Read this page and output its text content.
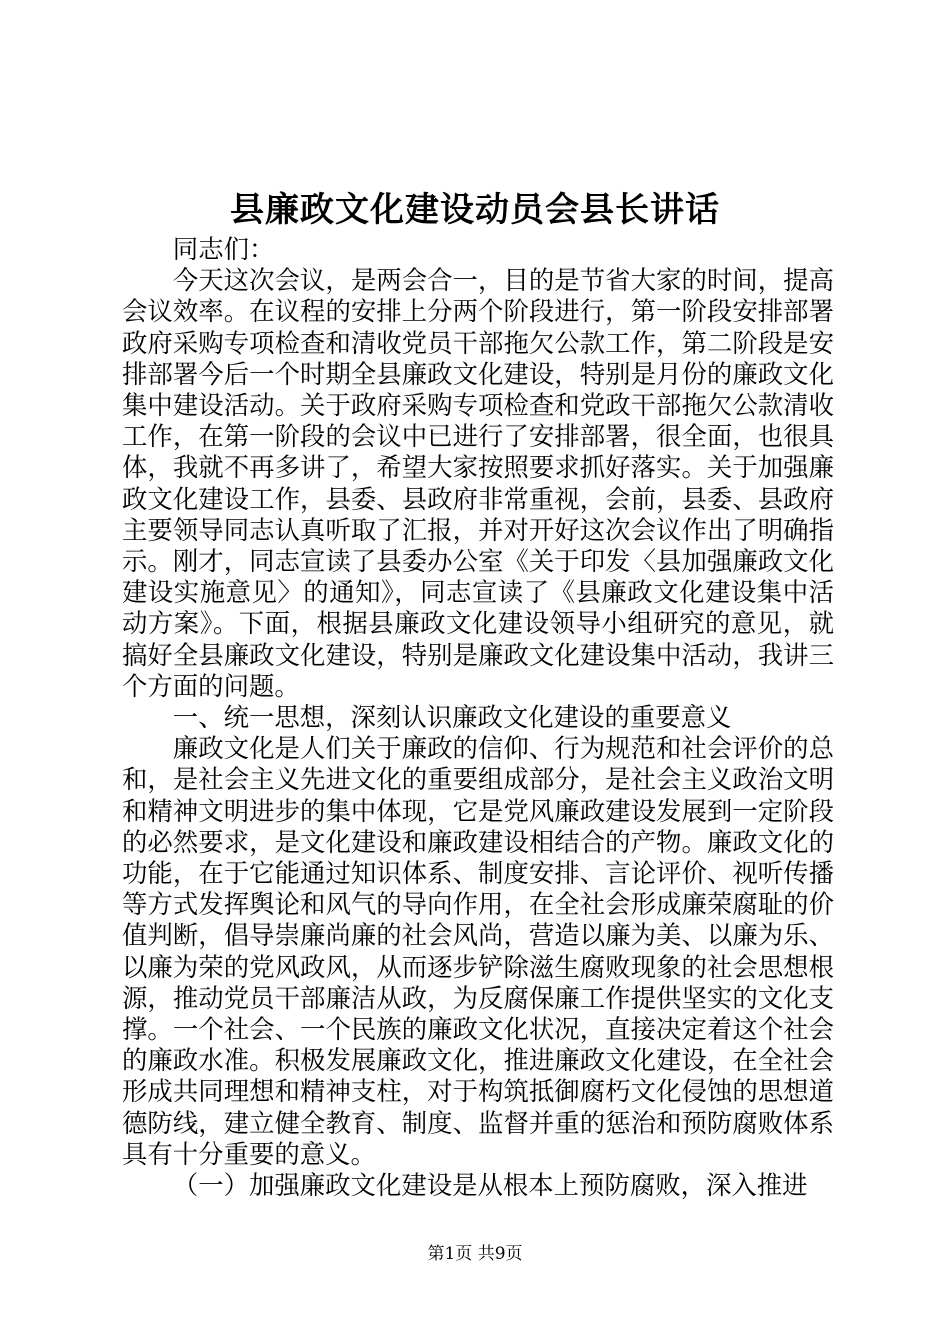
县廉政文化建设动员会县长讲话

同志们：

今天这次会议，是两会合一，目的是节省大家的时间，提高会议效率。在议程的安排上分两个阶段进行，第一阶段安排部署政府采购专项检查和清收党员干部拖欠公款工作，第二阶段是安排部署今后一个时期全县廉政文化建设，特别是月份的廉政文化集中建设活动。关于政府采购专项检查和党政干部拖欠公款清收工作，在第一阶段的会议中已进行了安排部署，很全面，也很具体，我就不再多讲了，希望大家按照要求抓好落实。关于加强廉政文化建设工作，县委、县政府非常重视，会前，县委、县政府主要领导同志认真听取了汇报，并对开好这次会议作出了明确指示。刚才，同志宣读了县委办公室《关于印发〈县加强廉政文化建设实施意见〉的通知》，同志宣读了《县廉政文化建设集中活动方案》。下面，根据县廉政文化建设领导小组研究的意见，就搞好全县廉政文化建设，特别是廉政文化建设集中活动，我讲三个方面的问题。

一、统一思想，深刻认识廉政文化建设的重要意义

廉政文化是人们关于廉政的信仰、行为规范和社会评价的总和，是社会主义先进文化的重要组成部分，是社会主义政治文明和精神文明进步的集中体现，它是党风廉政建设发展到一定阶段的必然要求，是文化建设和廉政建设相结合的产物。廉政文化的功能，在于它能通过知识体系、制度安排、言论评价、视听传播等方式发挥舆论和风气的导向作用，在全社会形成廉荣腐耻的价值判断，倡导崇廉尚廉的社会风尚，营造以廉为美、以廉为乐、以廉为荣的党风政风，从而逐步铲除滋生腐败现象的社会思想根源，推动党员干部廉洁从政，为反腐保廉工作提供坚实的文化支撑。一个社会、一个民族的廉政文化状况，直接决定着这个社会的廉政水准。积极发展廉政文化，推进廉政文化建设，在全社会形成共同理想和精神支柱，对于构筑抵御腐朽文化侵蚀的思想道德防线，建立健全教育、制度、监督并重的惩治和预防腐败体系具有十分重要的意义。

（一）加强廉政文化建设是从根本上预防腐败，深入推进

第1页 共9页
